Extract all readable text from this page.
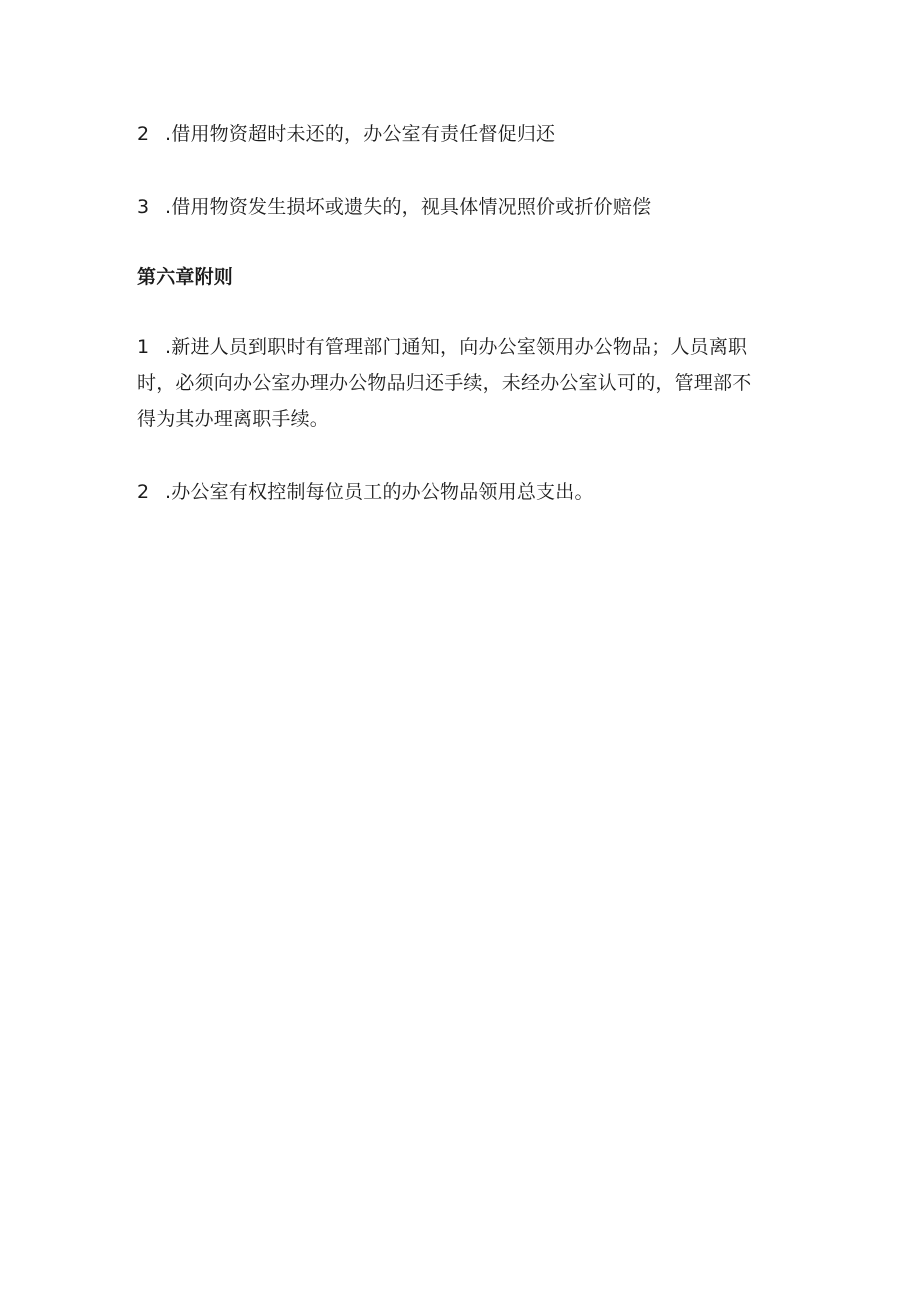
2 .借用物资超时未还的，办公室有责任督促归还

3 .借用物资发生损坏或遗失的，视具体情况照价或折价赔偿

第六章附则

1 .新进人员到职时有管理部门通知，向办公室领用办公物品；人员离职
时，必须向办公室办理办公物品归还手续，未经办公室认可的，管理部不
得为其办理离职手续。

2 .办公室有权控制每位员工的办公物品领用总支出。
